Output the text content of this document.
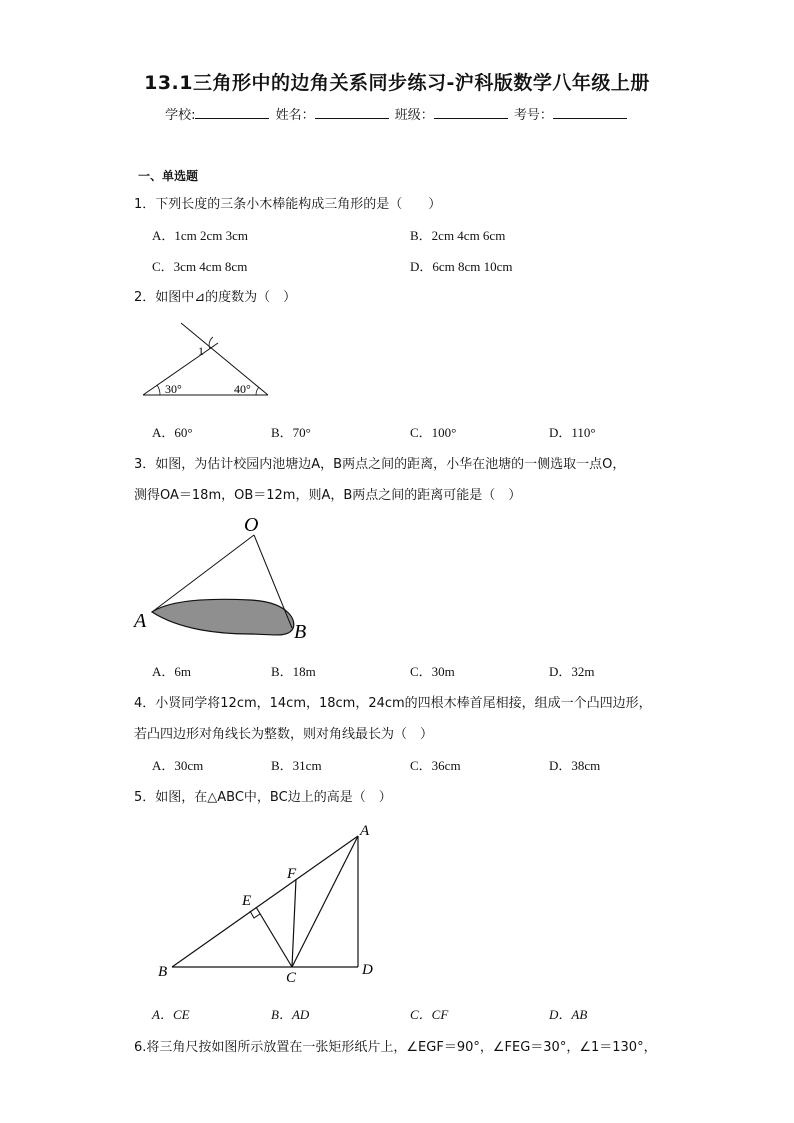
13.1三角形中的边角关系同步练习-沪科版数学八年级上册
学校:	姓名：	班级：	考号：
一、单选题
1．下列长度的三条小木棒能构成三角形的是（　　）
A．1cm 2cm 3cm	B．2cm 4cm 6cm
C．3cm 4cm 8cm	D．6cm 8cm 10cm
2．如图中⊿的度数为（　）
1
30°	40°
A．60°	B．70°	C．100°	D．110°
3．如图，为估计校园内池塘边A，B两点之间的距离，小华在池塘的一侧选取一点O，
测得OA＝18m，OB＝12m，则A，B两点之间的距离可能是（　）
O
A	B
A．6m	B．18m	C．30m	D．32m
4．小贤同学将12cm，14cm，18cm，24cm的四根木棒首尾相接，组成一个凸四边形，
若凸四边形对角线长为整数，则对角线最长为（　）
A．30cm	B．31cm	C．36cm	D．38cm
5．如图，在△ABC中，BC边上的高是（　）
A
F
E
B	C	D
A．CE	B．AD	C．CF	D．AB
6.将三角尺按如图所示放置在一张矩形纸片上，∠EGF＝90°，∠FEG＝30°，∠1＝130°，
